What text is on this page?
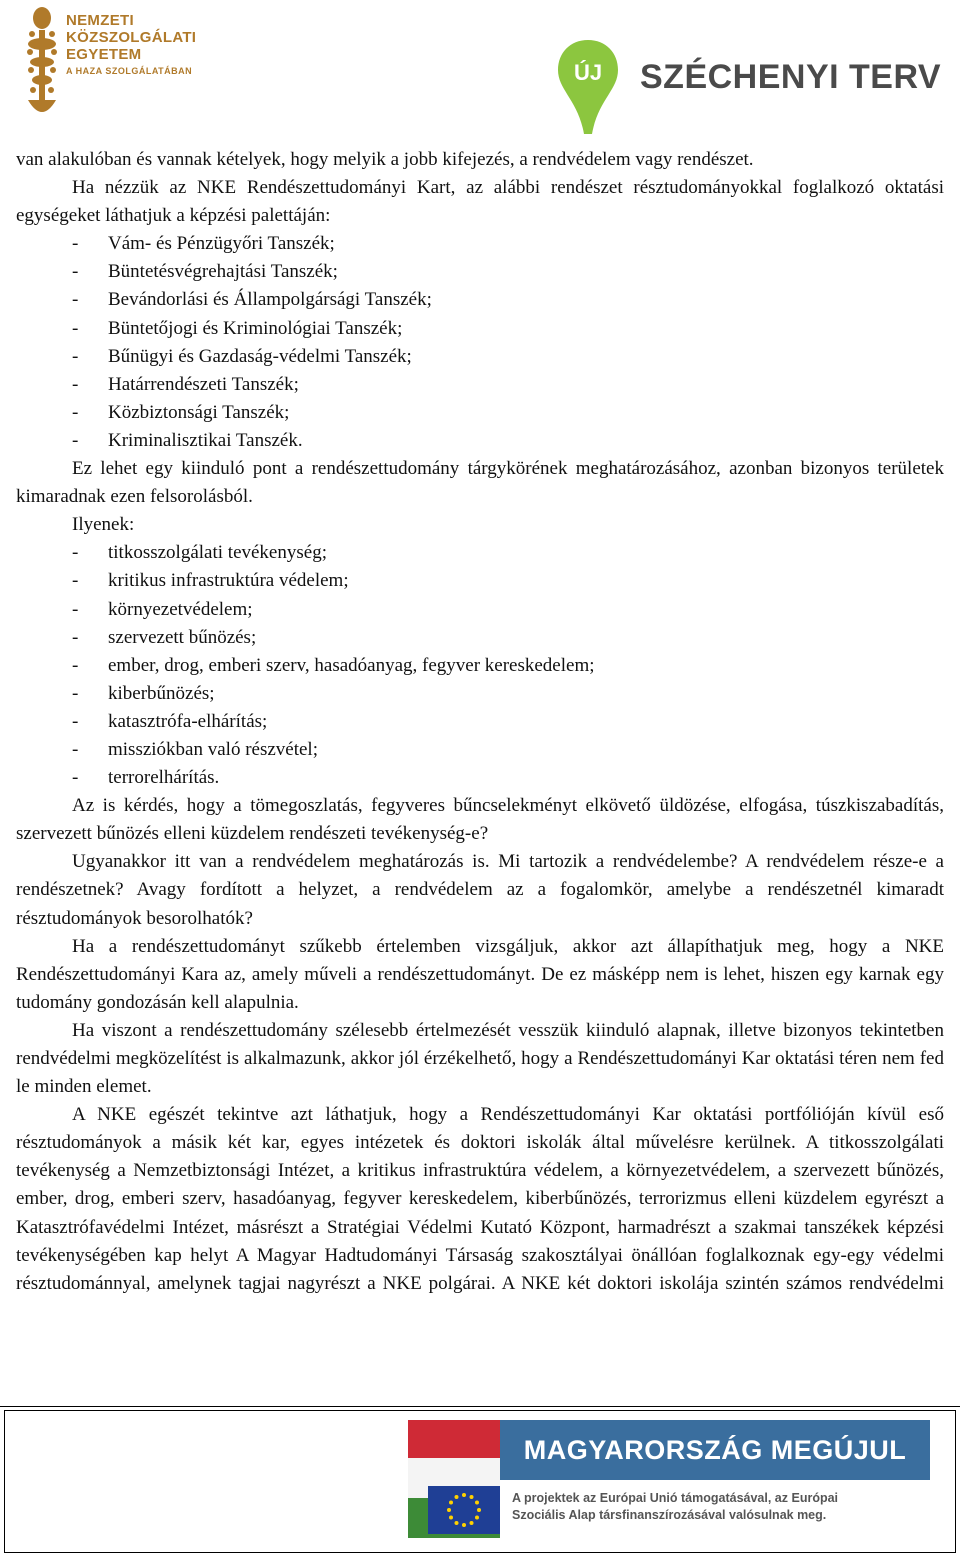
NEMZETI
KÖZSZOLGÁLATI
EGYETEM
A HAZA SZOLGÁLATÁBAN	ÚJ SZÉCHENYI TERV

van alakulóban és vannak kételyek, hogy melyik a jobb kifejezés, a rendvédelem vagy rendészet.

Ha nézzük az NKE Rendészettudományi Kart, az alábbi rendészet résztudományokkal foglalkozó oktatási egységeket láthatjuk a képzési palettáján:

- Vám- és Pénzügyőri Tanszék;
- Büntetésvégrehajtási Tanszék;
- Bevándorlási és Állampolgársági Tanszék;
- Büntetőjogi és Kriminológiai Tanszék;
- Bűnügyi és Gazdaság-védelmi Tanszék;
- Határrendészeti Tanszék;
- Közbiztonsági Tanszék;
- Kriminalisztikai Tanszék.

Ez lehet egy kiinduló pont a rendészettudomány tárgykörének meghatározásához, azonban bizonyos területek kimaradnak ezen felsorolásból.

Ilyenek:

- titkosszolgálati tevékenység;
- kritikus infrastruktúra védelem;
- környezetvédelem;
- szervezett bűnözés;
- ember, drog, emberi szerv, hasadóanyag, fegyver kereskedelem;
- kiberbűnözés;
- katasztrófa-elhárítás;
- missziókban való részvétel;
- terrorelhárítás.

Az is kérdés, hogy a tömegoszlatás, fegyveres bűncselekményt elkövető üldözése, elfogása, túszkiszabadítás, szervezett bűnözés elleni küzdelem rendészeti tevékenység-e?

Ugyanakkor itt van a rendvédelem meghatározás is. Mi tartozik a rendvédelembe? A rendvédelem része-e a rendészetnek? Avagy fordított a helyzet, a rendvédelem az a fogalomkör, amelybe a rendészetnél kimaradt résztudományok besorolhatók?

Ha a rendészettudományt szűkebb értelemben vizsgáljuk, akkor azt állapíthatjuk meg, hogy a NKE Rendészettudományi Kara az, amely műveli a rendészettudományt. De ez másképp nem is lehet, hiszen egy karnak egy tudomány gondozásán kell alapulnia.

Ha viszont a rendészettudomány szélesebb értelmezését vesszük kiinduló alapnak, illetve bizonyos tekintetben rendvédelmi megközelítést is alkalmazunk, akkor jól érzékelhető, hogy a Rendészettudományi Kar oktatási téren nem fed le minden elemet.

A NKE egészét tekintve azt láthatjuk, hogy a Rendészettudományi Kar oktatási portfólióján kívül eső résztudományok a másik két kar, egyes intézetek és doktori iskolák által művelésre kerülnek. A titkosszolgálati tevékenység a Nemzetbiztonsági Intézet, a kritikus infrastruktúra védelem, a környezetvédelem, a szervezett bűnözés, ember, drog, emberi szerv, hasadóanyag, fegyver kereskedelem, kiberbűnözés, terrorizmus elleni küzdelem egyrészt a Katasztrófavédelmi Intézet, másrészt a Stratégiai Védelmi Kutató Központ, harmadrészt a szakmai tanszékek képzési tevékenységében kap helyt A Magyar Hadtudományi Társaság szakosztályai önállóan foglalkoznak egy-egy védelmi résztudománnyal, amelynek tagjai nagyrészt a NKE polgárai. A NKE két doktori iskolája szintén számos rendvédelmi

MAGYARORSZÁG MEGÚJUL
A projektek az Európai Unió támogatásával, az Európai
Szociális Alap társfinanszírozásával valósulnak meg.
